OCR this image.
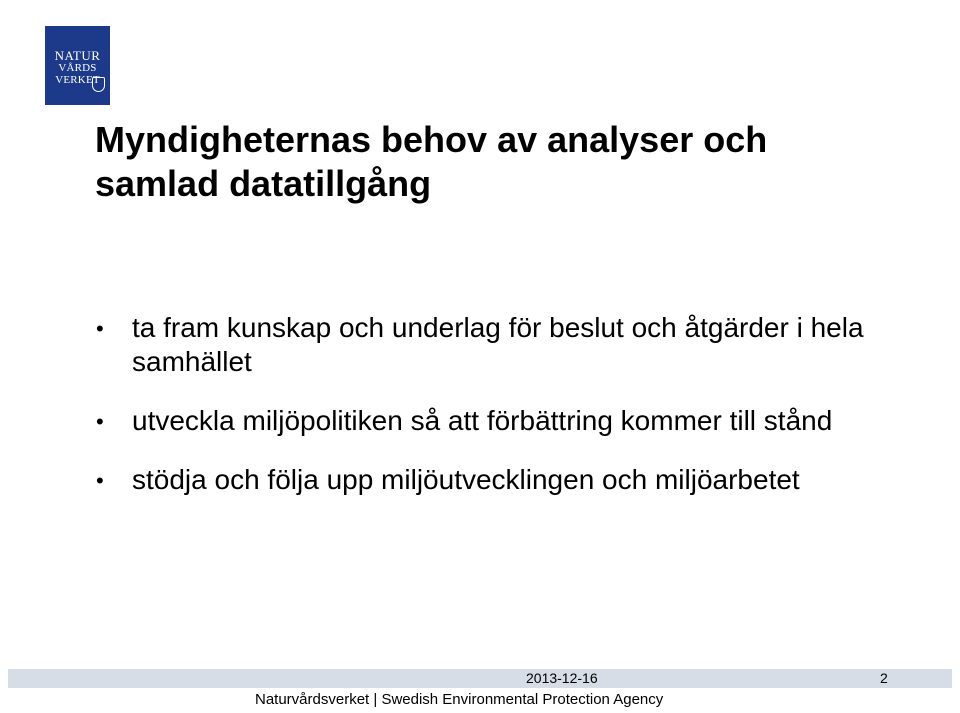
NATUR
VÅRDS
VERKET
Myndigheternas behov av analyser och
samlad datatillgång
• ta fram kunskap och underlag för beslut och åtgärder i hela samhället
• utveckla miljöpolitiken så att förbättring kommer till stånd
• stödja och följa upp miljöutvecklingen och miljöarbetet
2013-12-16	2
Naturvårdsverket | Swedish Environmental Protection Agency
